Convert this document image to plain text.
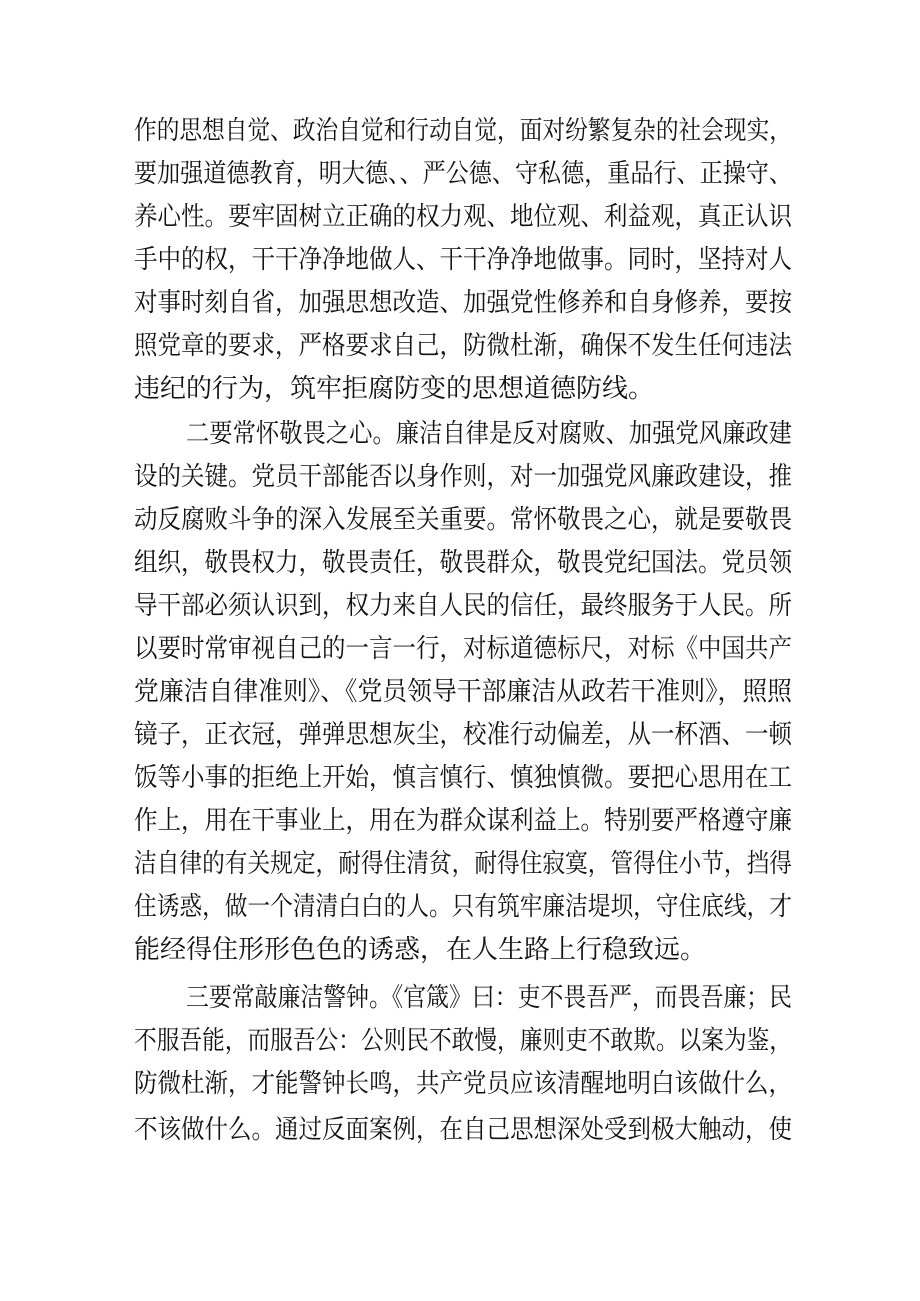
作的思想自觉、政治自觉和行动自觉，面对纷繁复杂的社会现实，
要加强道德教育，明大德、、严公德、守私德，重品行、正操守、
养心性。要牢固树立正确的权力观、地位观、利益观，真正认识
手中的权，干干净净地做人、干干净净地做事。同时，坚持对人
对事时刻自省，加强思想改造、加强党性修养和自身修养，要按
照党章的要求，严格要求自己，防微杜渐，确保不发生任何违法
违纪的行为，筑牢拒腐防变的思想道德防线。
二要常怀敬畏之心。廉洁自律是反对腐败、加强党风廉政建
设的关键。党员干部能否以身作则，对一加强党风廉政建设，推
动反腐败斗争的深入发展至关重要。常怀敬畏之心，就是要敬畏
组织，敬畏权力，敬畏责任，敬畏群众，敬畏党纪国法。党员领
导干部必须认识到，权力来自人民的信任，最终服务于人民。所
以要时常审视自己的一言一行，对标道德标尺，对标《中国共产
党廉洁自律准则》、《党员领导干部廉洁从政若干准则》，照照
镜子，正衣冠，弹弹思想灰尘，校准行动偏差，从一杯酒、一顿
饭等小事的拒绝上开始，慎言慎行、慎独慎微。要把心思用在工
作上，用在干事业上，用在为群众谋利益上。特别要严格遵守廉
洁自律的有关规定，耐得住清贫，耐得住寂寞，管得住小节，挡得
住诱惑，做一个清清白白的人。只有筑牢廉洁堤坝，守住底线，才
能经得住形形色色的诱惑，在人生路上行稳致远。
三要常敲廉洁警钟。《官箴》曰：吏不畏吾严，而畏吾廉；民
不服吾能，而服吾公：公则民不敢慢，廉则吏不敢欺。以案为鉴，
防微杜渐，才能警钟长鸣，共产党员应该清醒地明白该做什么，
不该做什么。通过反面案例，在自己思想深处受到极大触动，使
